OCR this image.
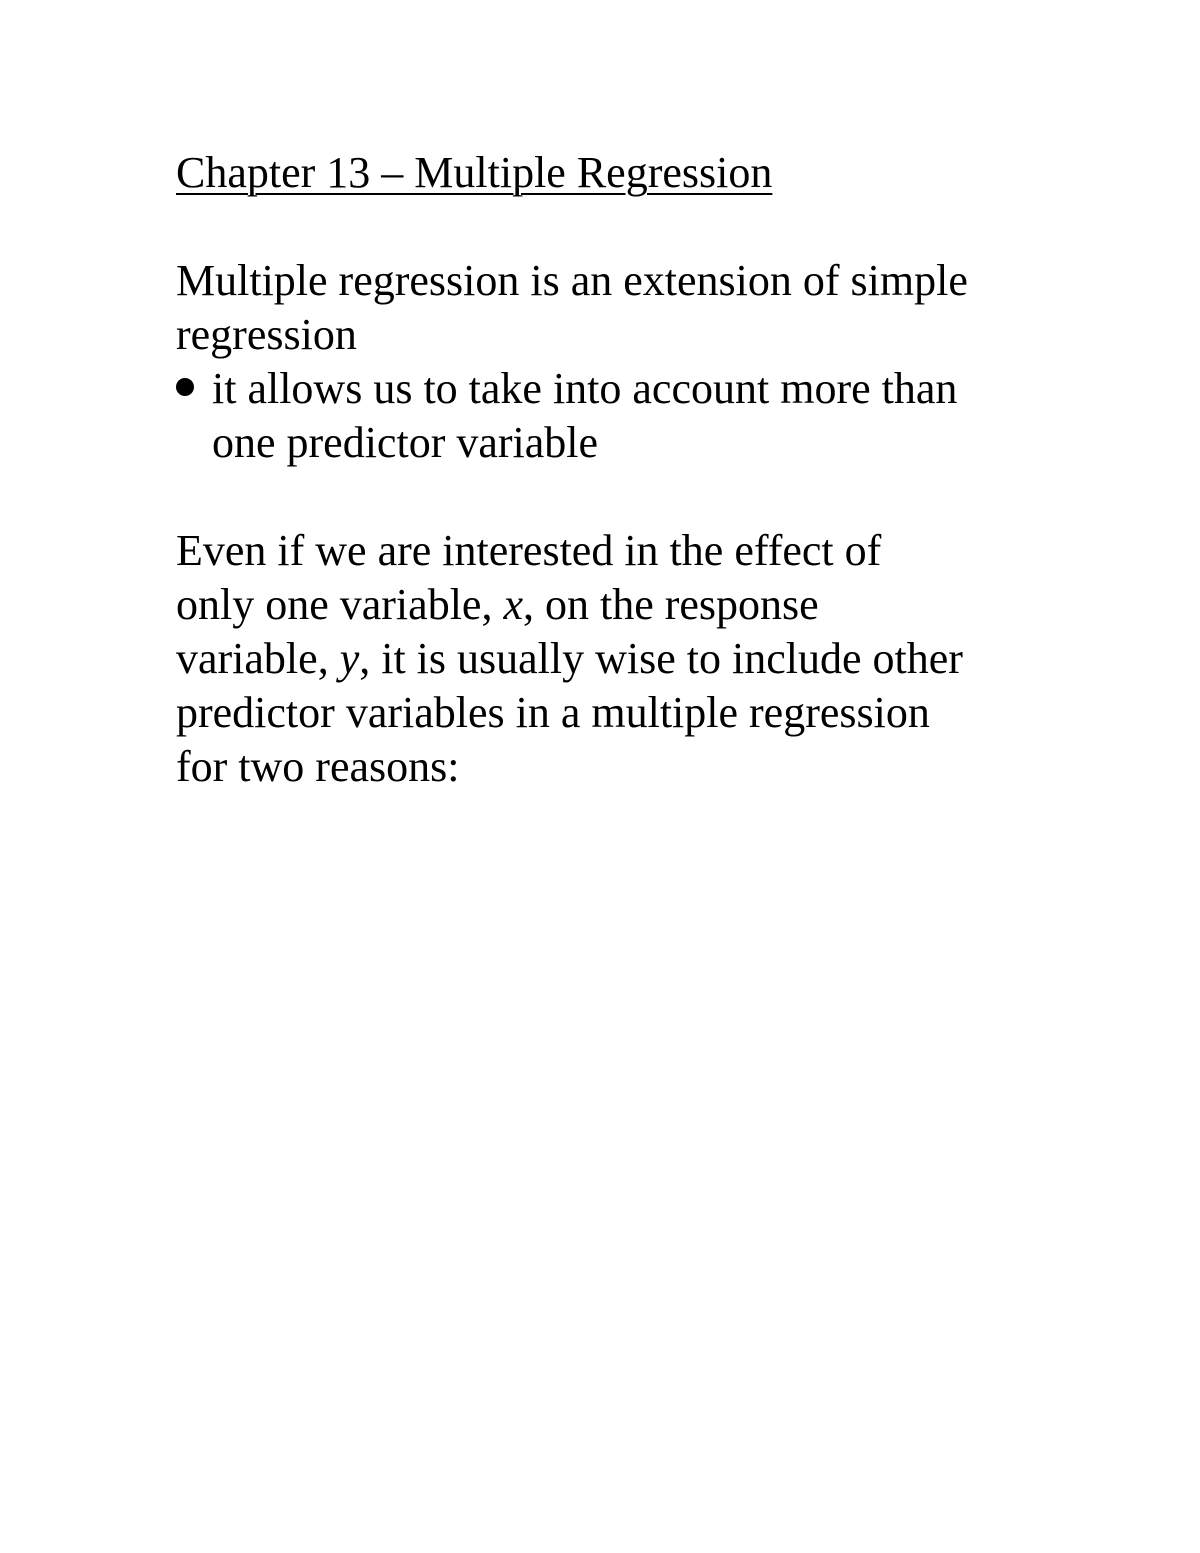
Chapter 13 – Multiple Regression
Multiple regression is an extension of simple
regression
it allows us to take into account more than
one predictor variable
Even if we are interested in the effect of
only one variable, x, on the response
variable, y, it is usually wise to include other
predictor variables in a multiple regression
for two reasons:
